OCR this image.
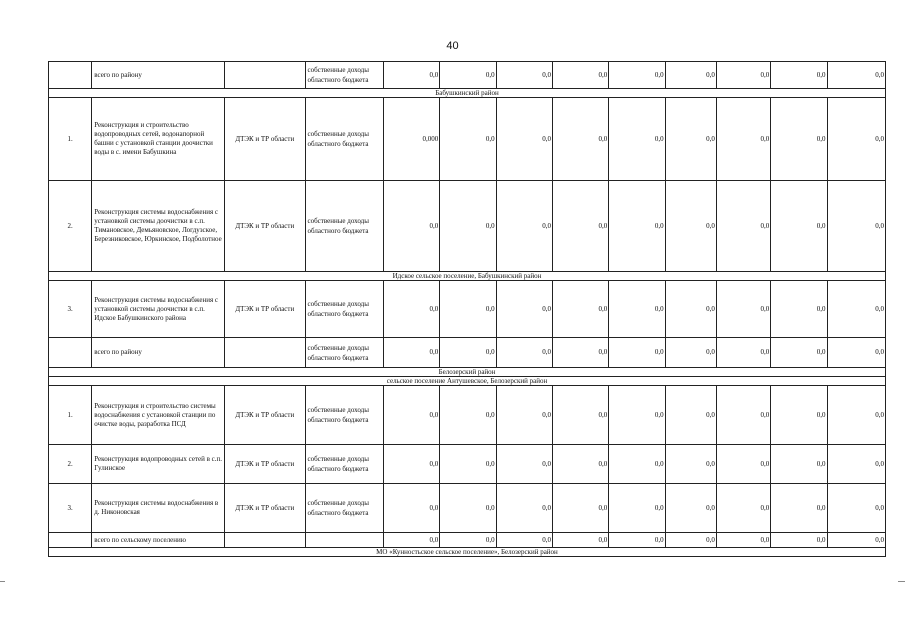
40
	всего по району		собственные доходы областного бюджета	0,0	0,0	0,0	0,0	0,0	0,0	0,0	0,0	0,0
Бабушкинский район												
1.	Реконструкция и строительство водопроводных сетей, водонапорной башни с установкой станции доочистки воды в с. имени Бабушкина	ДТЭК и ТР области	собственные доходы областного бюджета	0,000	0,0	0,0	0,0	0,0	0,0	0,0	0,0	0,0
2.	Реконструкция системы водоснабжения с установкой системы доочистки в с.п. Тимановское, Демьяновское, Логдузское, Березниковское, Юркинское, Подболотное	ДТЭК и ТР области	собственные доходы областного бюджета	0,0	0,0	0,0	0,0	0,0	0,0	0,0	0,0	0,0
Идское сельское поселение, Бабушкинский район												
3.	Реконструкция системы водоснабжения с установкой системы доочистки в с.п. Идское Бабушкинского района	ДТЭК и ТР области	собственные доходы областного бюджета	0,0	0,0	0,0	0,0	0,0	0,0	0,0	0,0	0,0
	всего по району		собственные доходы областного бюджета	0,0	0,0	0,0	0,0	0,0	0,0	0,0	0,0	0,0
Белозерский район												
сельское поселение Антушевское, Белозерский район												
1.	Реконструкция и строительство системы водоснабжения с установкой станции по очистке воды, разработка ПСД	ДТЭК и ТР области	собственные доходы областного бюджета	0,0	0,0	0,0	0,0	0,0	0,0	0,0	0,0	0,0
2.	Реконструкция водопроводных сетей в с.п. Гулинское	ДТЭК и ТР области	собственные доходы областного бюджета	0,0	0,0	0,0	0,0	0,0	0,0	0,0	0,0	0,0
3.	Реконструкция системы водоснабжения в д. Никоновская	ДТЭК и ТР области	собственные доходы областного бюджета	0,0	0,0	0,0	0,0	0,0	0,0	0,0	0,0	0,0
	всего по сельскому поселению			0,0	0,0	0,0	0,0	0,0	0,0	0,0	0,0	0,0
МО «Кунностьское сельское поселение», Белозерский район												
